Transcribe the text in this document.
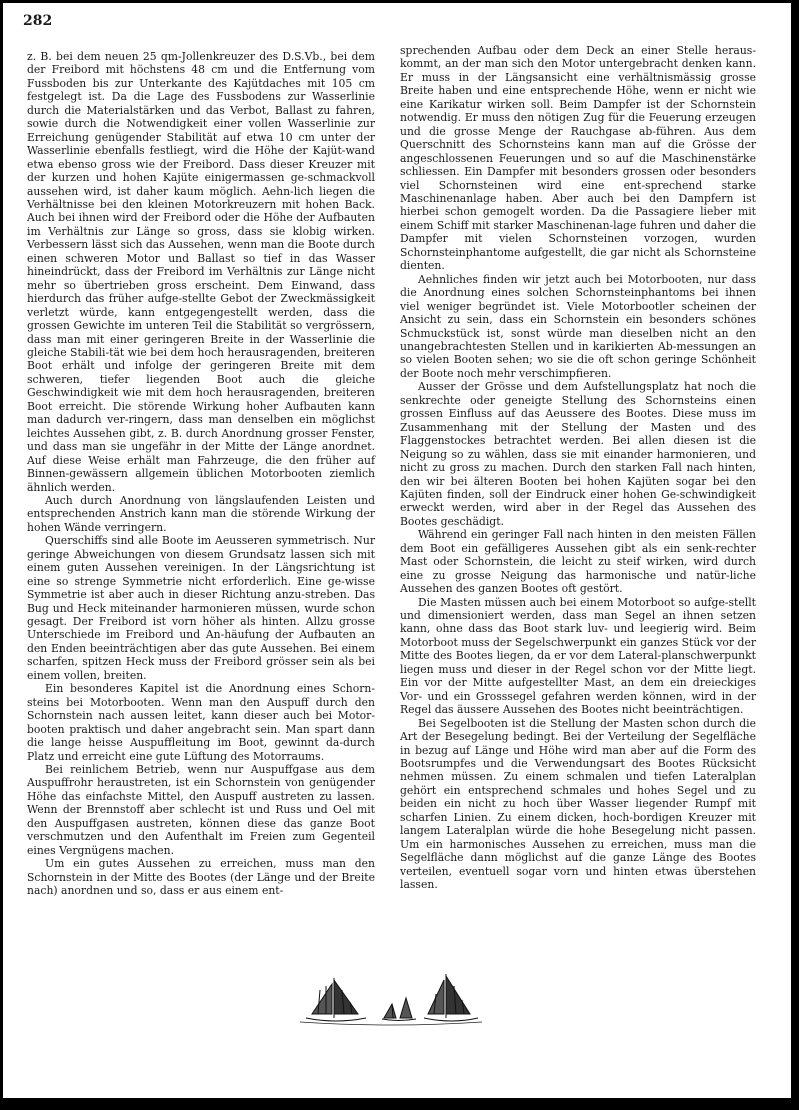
282

z. B. bei dem neuen 25 qm-Jollenkreuzer des D.S.Vb., bei dem der Freibord mit höchstens 48 cm und die Entfernung vom Fussboden bis zur Unterkante des Kajütdaches mit 105 cm festgelegt ist. Da die Lage des Fussbodens zur Wasserlinie durch die Materialstärken und das Verbot, Ballast zu fahren, sowie durch die Notwendigkeit einer vollen Wasserlinie zur Erreichung genügender Stabilität auf etwa 10 cm unter der Wasserlinie ebenfalls festliegt, wird die Höhe der Kajüt-wand etwa ebenso gross wie der Freibord. Dass dieser Kreuzer mit der kurzen und hohen Kajüte einigermassen ge-schmackvoll aussehen wird, ist daher kaum möglich. Aehn-lich liegen die Verhältnisse bei den kleinen Motorkreuzern mit hohen Back. Auch bei ihnen wird der Freibord oder die Höhe der Aufbauten im Verhältnis zur Länge so gross, dass sie klobig wirken. Verbessern lässt sich das Aussehen, wenn man die Boote durch einen schweren Motor und Ballast so tief in das Wasser hineindrückt, dass der Freibord im Verhältnis zur Länge nicht mehr so übertrieben gross erscheint. Dem Einwand, dass hierdurch das früher aufge-stellte Gebot der Zweckmässigkeit verletzt würde, kann entgegengestellt werden, dass die grossen Gewichte im unteren Teil die Stabilität so vergrössern, dass man mit einer geringeren Breite in der Wasserlinie die gleiche Stabili-tät wie bei dem hoch herausragenden, breiteren Boot erhält und infolge der geringeren Breite mit dem schweren, tiefer liegenden Boot auch die gleiche Geschwindigkeit wie mit dem hoch herausragenden, breiteren Boot erreicht. Die störende Wirkung hoher Aufbauten kann man dadurch ver-ringern, dass man denselben ein möglichst leichtes Aussehen gibt, z. B. durch Anordnung grosser Fenster, und dass man sie ungefähr in der Mitte der Länge anordnet. Auf diese Weise erhält man Fahrzeuge, die den früher auf Binnen-gewässern allgemein üblichen Motorbooten ziemlich ähnlich werden.

Auch durch Anordnung von längslaufenden Leisten und entsprechenden Anstrich kann man die störende Wirkung der hohen Wände verringern.

Querschiffs sind alle Boote im Aeusseren symmetrisch. Nur geringe Abweichungen von diesem Grundsatz lassen sich mit einem guten Aussehen vereinigen. In der Längsrichtung ist eine so strenge Symmetrie nicht erforderlich. Eine ge-wisse Symmetrie ist aber auch in dieser Richtung anzu-streben. Das Bug und Heck miteinander harmonieren müssen, wurde schon gesagt. Der Freibord ist vorn höher als hinten. Allzu grosse Unterschiede im Freibord und An-häufung der Aufbauten an den Enden beeinträchtigen aber das gute Aussehen. Bei einem scharfen, spitzen Heck muss der Freibord grösser sein als bei einem vollen, breiten.

Ein besonderes Kapitel ist die Anordnung eines Schorn-steins bei Motorbooten. Wenn man den Auspuff durch den Schornstein nach aussen leitet, kann dieser auch bei Motor-booten praktisch und daher angebracht sein. Man spart dann die lange heisse Auspuffleitung im Boot, gewinnt da-durch Platz und erreicht eine gute Lüftung des Motorraums.

Bei reinlichem Betrieb, wenn nur Auspuffgase aus dem Auspuffrohr heraustreten, ist ein Schornstein von genügender Höhe das einfachste Mittel, den Auspuff austreten zu lassen. Wenn der Brennstoff aber schlecht ist und Russ und Oel mit den Auspuffgasen austreten, können diese das ganze Boot verschmutzen und den Aufenthalt im Freien zum Gegenteil eines Vergnügens machen.

Um ein gutes Aussehen zu erreichen, muss man den Schornstein in der Mitte des Bootes (der Länge und der Breite nach) anordnen und so, dass er aus einem ent-

sprechenden Aufbau oder dem Deck an einer Stelle heraus-kommt, an der man sich den Motor untergebracht denken kann. Er muss in der Längsansicht eine verhältnismässig grosse Breite haben und eine entsprechende Höhe, wenn er nicht wie eine Karikatur wirken soll. Beim Dampfer ist der Schornstein notwendig. Er muss den nötigen Zug für die Feuerung erzeugen und die grosse Menge der Rauchgase ab-führen. Aus dem Querschnitt des Schornsteins kann man auf die Grösse der angeschlossenen Feuerungen und so auf die Maschinenstärke schliessen. Ein Dampfer mit besonders grossen oder besonders viel Schornsteinen wird eine ent-sprechend starke Maschinenanlage haben. Aber auch bei den Dampfern ist hierbei schon gemogelt worden. Da die Passagiere lieber mit einem Schiff mit starker Maschinenan-lage fuhren und daher die Dampfer mit vielen Schornsteinen vorzogen, wurden Schornsteinphantome aufgestellt, die gar nicht als Schornsteine dienten.

Aehnliches finden wir jetzt auch bei Motorbooten, nur dass die Anordnung eines solchen Schornsteinphantoms bei ihnen viel weniger begründet ist. Viele Motorbootler scheinen der Ansicht zu sein, dass ein Schornstein ein besonders schönes Schmuckstück ist, sonst würde man dieselben nicht an den unangebrachtesten Stellen und in karikierten Ab-messungen an so vielen Booten sehen; wo sie die oft schon geringe Schönheit der Boote noch mehr verschimpfieren.

Ausser der Grösse und dem Aufstellungsplatz hat noch die senkrechte oder geneigte Stellung des Schornsteins einen grossen Einfluss auf das Aeussere des Bootes. Diese muss im Zusammenhang mit der Stellung der Masten und des Flaggenstockes betrachtet werden. Bei allen diesen ist die Neigung so zu wählen, dass sie mit einander harmonieren, und nicht zu gross zu machen. Durch den starken Fall nach hinten, den wir bei älteren Booten bei hohen Kajüten sogar bei den Kajüten finden, soll der Eindruck einer hohen Ge-schwindigkeit erweckt werden, wird aber in der Regel das Aussehen des Bootes geschädigt.

Während ein geringer Fall nach hinten in den meisten Fällen dem Boot ein gefälligeres Aussehen gibt als ein senk-rechter Mast oder Schornstein, die leicht zu steif wirken, wird durch eine zu grosse Neigung das harmonische und natür-liche Aussehen des ganzen Bootes oft gestört.

Die Masten müssen auch bei einem Motorboot so aufge-stellt und dimensioniert werden, dass man Segel an ihnen setzen kann, ohne dass das Boot stark luv- und leegierig wird. Beim Motorboot muss der Segelschwerpunkt ein ganzes Stück vor der Mitte des Bootes liegen, da er vor dem Lateral-planschwerpunkt liegen muss und dieser in der Regel schon vor der Mitte liegt. Ein vor der Mitte aufgestellter Mast, an dem ein dreieckiges Vor- und ein Grosssegel gefahren werden können, wird in der Regel das äussere Aussehen des Bootes nicht beeinträchtigen.

Bei Segelbooten ist die Stellung der Masten schon durch die Art der Besegelung bedingt. Bei der Verteilung der Segelfläche in bezug auf Länge und Höhe wird man aber auf die Form des Bootsrumpfes und die Verwendungsart des Bootes Rücksicht nehmen müssen. Zu einem schmalen und tiefen Lateralplan gehört ein entsprechend schmales und hohes Segel und zu beiden ein nicht zu hoch über Wasser liegender Rumpf mit scharfen Linien. Zu einem dicken, hoch-bordigen Kreuzer mit langem Lateralplan würde die hohe Besegelung nicht passen. Um ein harmonisches Aussehen zu erreichen, muss man die Segelfläche dann möglichst auf die ganze Länge des Bootes verteilen, eventuell sogar vorn und hinten etwas überstehen lassen.
